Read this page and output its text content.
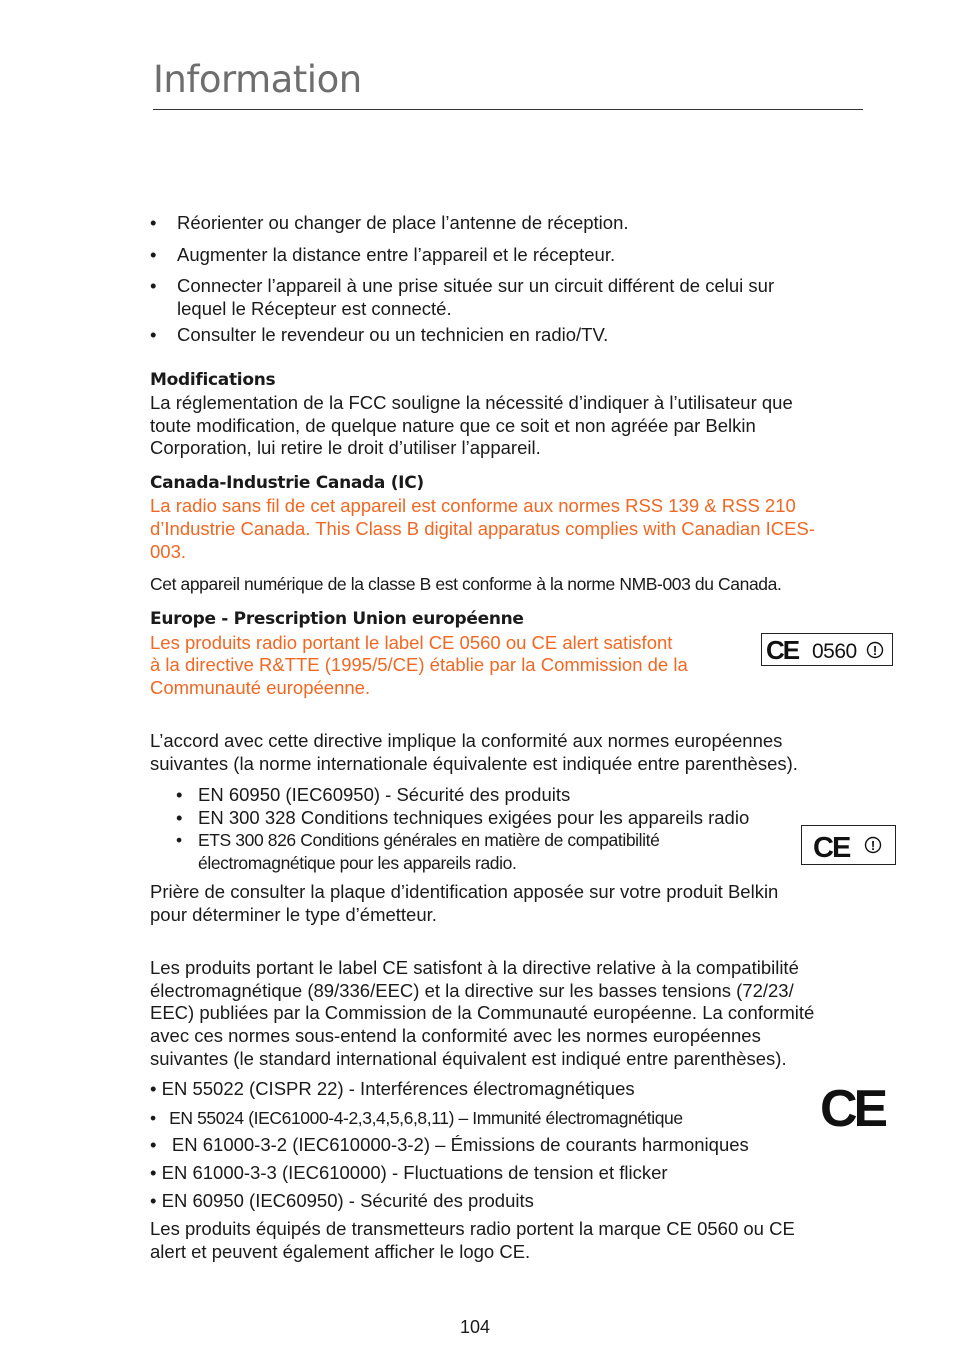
Information
• Réorienter ou changer de place l’antenne de réception.
• Augmenter la distance entre l’appareil et le récepteur.
• Connecter l’appareil à une prise située sur un circuit différent de celui sur
lequel le Récepteur est connecté.
• Consulter le revendeur ou un technicien en radio/TV.
Modifications
La réglementation de la FCC souligne la nécessité d’indiquer à l’utilisateur que
toute modification, de quelque nature que ce soit et non agréée par Belkin
Corporation, lui retire le droit d’utiliser l’appareil.
Canada-Industrie Canada (IC)
La radio sans fil de cet appareil est conforme aux normes RSS 139 & RSS 210
d’Industrie Canada. This Class B digital apparatus complies with Canadian ICES-
003.
Cet appareil numérique de la classe B est conforme à la norme NMB-003 du Canada.
Europe - Prescription Union européenne
Les produits radio portant le label CE 0560 ou CE alert satisfont
à la directive R&TTE (1995/5/CE) établie par la Commission de la
Communauté européenne.
CE 0560 !
L’accord avec cette directive implique la conformité aux normes européennes
suivantes (la norme internationale équivalente est indiquée entre parenthèses).
• EN 60950 (IEC60950) - Sécurité des produits
• EN 300 328 Conditions techniques exigées pour les appareils radio
• ETS 300 826 Conditions générales en matière de compatibilité
électromagnétique pour les appareils radio.	CE !
Prière de consulter la plaque d’identification apposée sur votre produit Belkin
pour déterminer le type d’émetteur.
Les produits portant le label CE satisfont à la directive relative à la compatibilité
électromagnétique (89/336/EEC) et la directive sur les basses tensions (72/23/
EEC) publiées par la Commission de la Communauté européenne. La conformité
avec ces normes sous-entend la conformité avec les normes européennes
suivantes (le standard international équivalent est indiqué entre parenthèses).
• EN 55022 (CISPR 22) - Interférences électromagnétiques
•   EN 55024 (IEC61000-4-2,3,4,5,6,8,11) – Immunité électromagnétique
•   EN 61000-3-2 (IEC610000-3-2) – Émissions de courants harmoniques
• EN 61000-3-3 (IEC610000) - Fluctuations de tension et flicker
• EN 60950 (IEC60950) - Sécurité des produits
CE
Les produits équipés de transmetteurs radio portent la marque CE 0560 ou CE
alert et peuvent également afficher le logo CE.
104
